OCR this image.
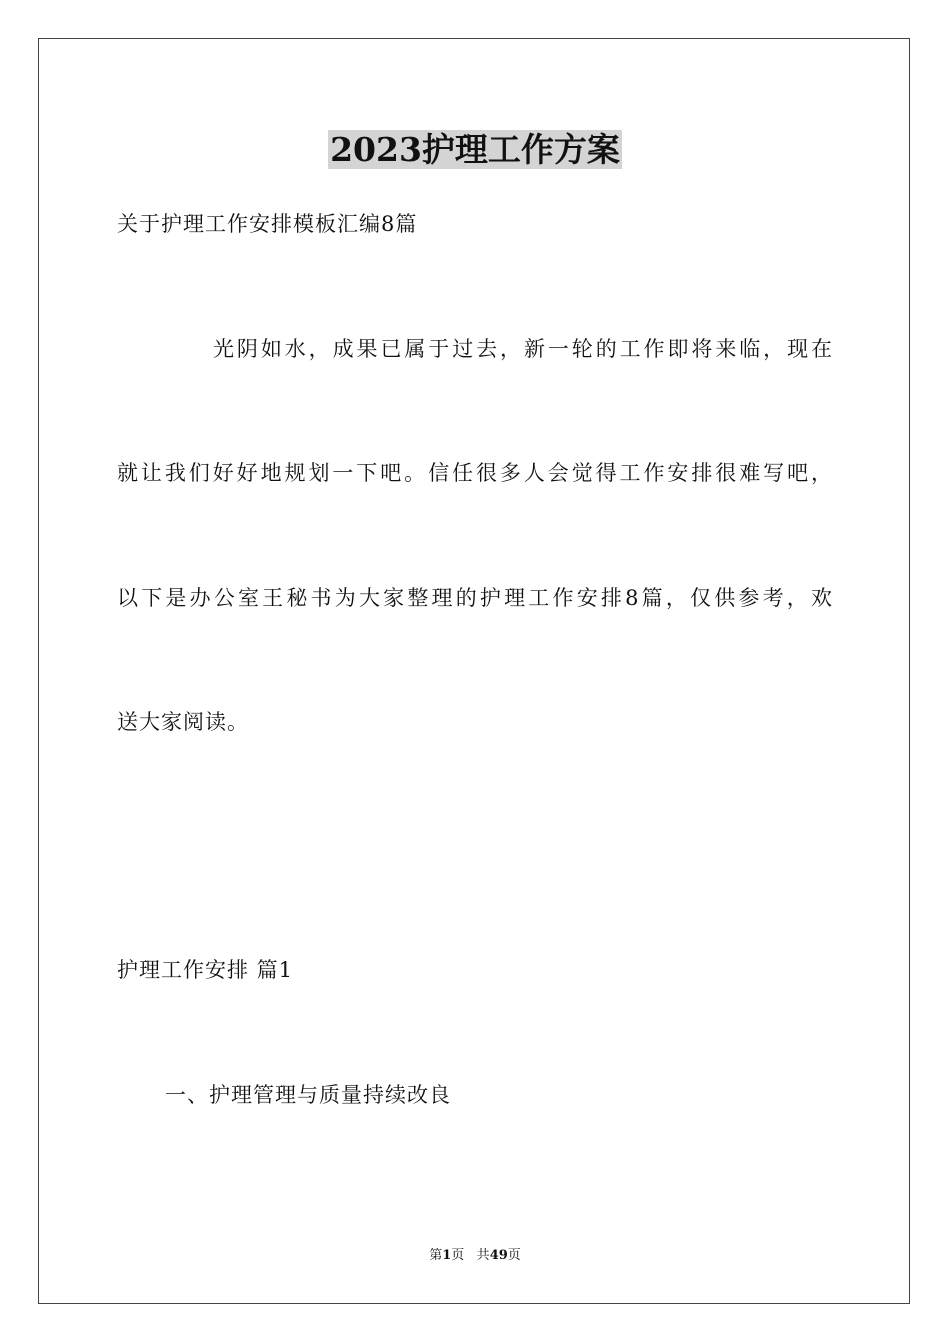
2023护理工作方案
关于护理工作安排模板汇编8篇
光阴如水，成果已属于过去，新一轮的工作即将来临，现在
就让我们好好地规划一下吧。信任很多人会觉得工作安排很难写吧，
以下是办公室王秘书为大家整理的护理工作安排8篇，仅供参考，欢
送大家阅读。
护理工作安排 篇1
一、护理管理与质量持续改良
第1页 共49页
